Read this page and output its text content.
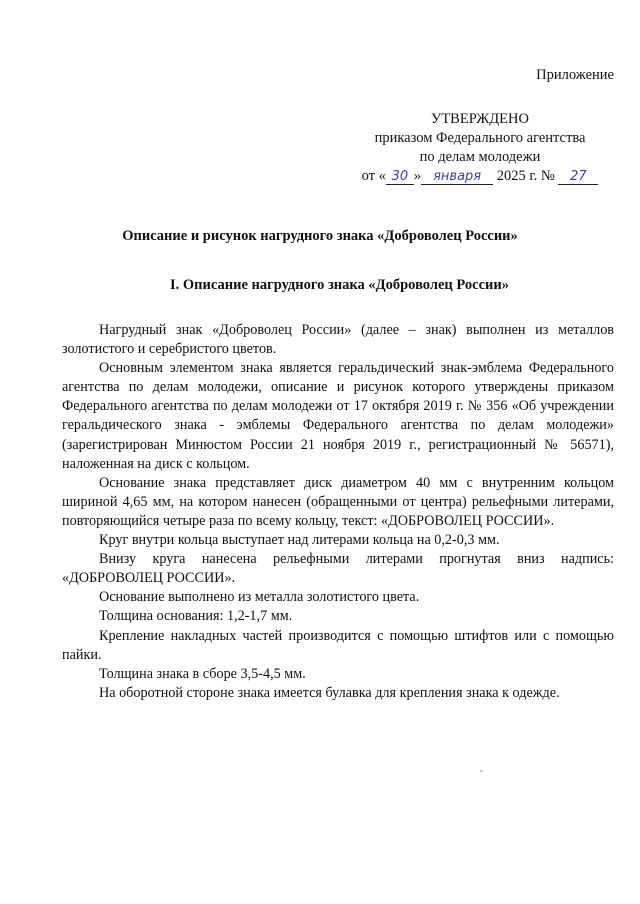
Приложение
УТВЕРЖДЕНО
приказом Федерального агентства
по делам молодежи
от « 30 » января 2025 г. № 27
Описание и рисунок нагрудного знака «Доброволец России»
I. Описание нагрудного знака «Доброволец России»

Нагрудный знак «Доброволец России» (далее – знак) выполнен из металлов золотистого и серебристого цветов.

Основным элементом знака является геральдический знак-эмблема Федерального агентства по делам молодежи, описание и рисунок которого утверждены приказом Федерального агентства по делам молодежи от 17 октября 2019 г. № 356 «Об учреждении геральдического знака - эмблемы Федерального агентства по делам молодежи» (зарегистрирован Минюстом России 21 ноября 2019 г., регистрационный № 56571), наложенная на диск с кольцом.

Основание знака представляет диск диаметром 40 мм с внутренним кольцом шириной 4,65 мм, на котором нанесен (обращенными от центра) рельефными литерами, повторяющийся четыре раза по всему кольцу, текст: «ДОБРОВОЛЕЦ РОССИИ».

Круг внутри кольца выступает над литерами кольца на 0,2-0,3 мм.

Внизу круга нанесена рельефными литерами прогнутая вниз надпись: «ДОБРОВОЛЕЦ РОССИИ».

Основание выполнено из металла золотистого цвета.

Толщина основания: 1,2-1,7 мм.

Крепление накладных частей производится с помощью штифтов или с помощью пайки.

Толщина знака в сборе 3,5-4,5 мм.

На оборотной стороне знака имеется булавка для крепления знака к одежде.
